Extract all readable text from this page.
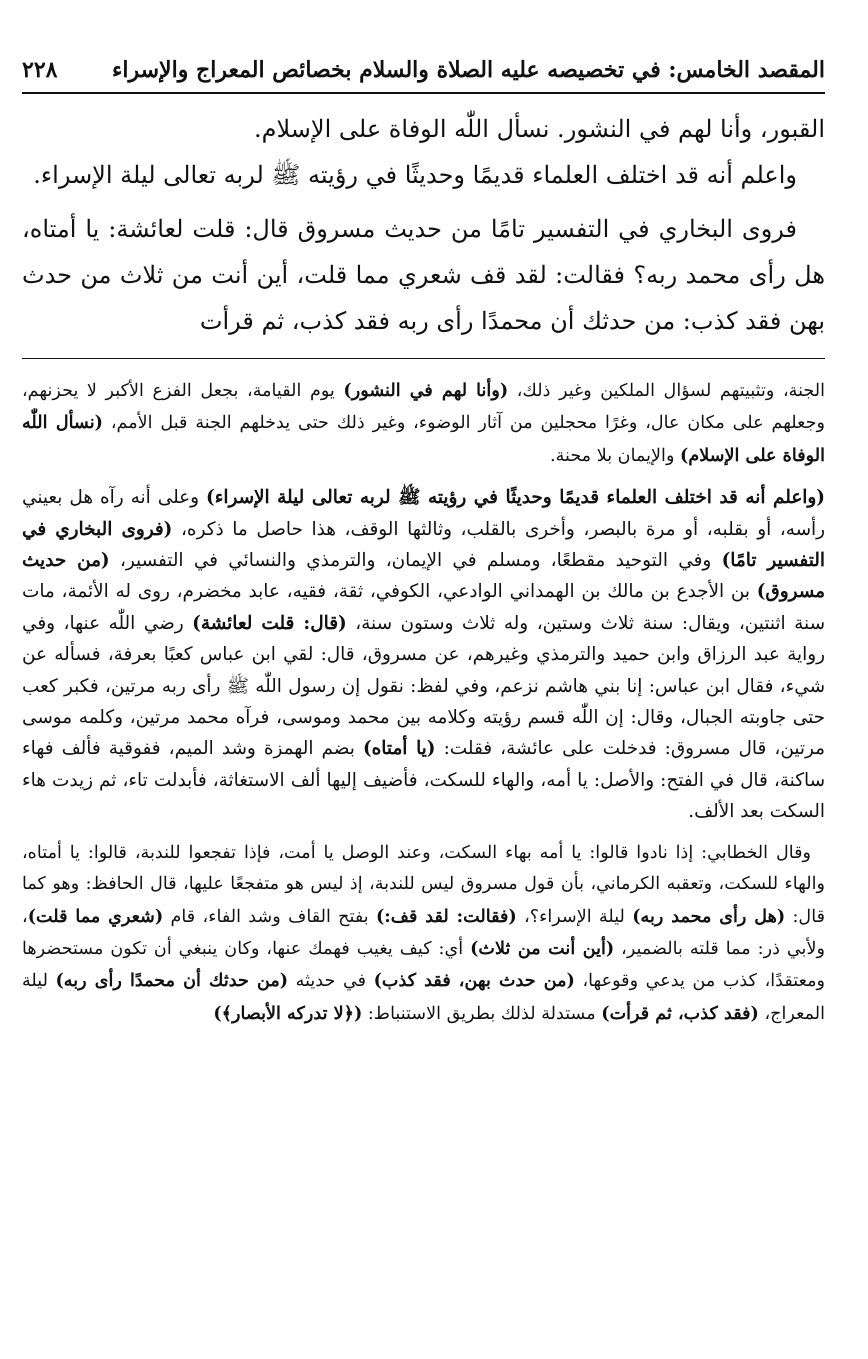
المقصد الخامس: في تخصيصه عليه الصلاة والسلام بخصائص المعراج والإسراء
٢٢٨

القبور، وأنا لهم في النشور. نسأل اللّٰه الوفاة على الإسلام.

واعلم أنه قد اختلف العلماء قديمًا وحديثًا في رؤيته ﷺ لربه تعالى ليلة الإسراء.

فروى البخاري في التفسير تامًا من حديث مسروق قال: قلت لعائشة: يا أمتاه، هل رأى محمد ربه؟ فقالت: لقد قف شعري مما قلت، أين أنت من ثلاث من حدث بهن فقد كذب: من حدثك أن محمدًا رأى ربه فقد كذب، ثم قرأت

الجنة، وتثبيتهم لسؤال الملكين وغير ذلك، (وأنا لهم في النشور) يوم القيامة، بجعل الفزع الأكبر لا يحزنهم، وجعلهم على مكان عال، وغرًا محجلين من آثار الوضوء، وغير ذلك حتى يدخلهم الجنة قبل الأمم، (نسأل اللّٰه الوفاة على الإسلام) والإيمان بلا محنة.

(واعلم أنه قد اختلف العلماء قديمًا وحديثًا في رؤيته ﷺ لربه تعالى ليلة الإسراء) وعلى أنه رآه هل بعيني رأسه، أو بقلبه، أو مرة بالبصر، وأخرى بالقلب، وثالثها الوقف، هذا حاصل ما ذكره، (فروى البخاري في التفسير تامًا) وفي التوحيد مقطعًا، ومسلم في الإيمان، والترمذي والنسائي في التفسير، (من حديث مسروق) بن الأجدع بن مالك بن الهمداني الوادعي، الكوفي، ثقة، فقيه، عابد مخضرم، روى له الأئمة، مات سنة اثنتين، ويقال: سنة ثلاث وستين، وله ثلاث وستون سنة، (قال: قلت لعائشة) رضي اللّٰه عنها، وفي رواية عبد الرزاق وابن حميد والترمذي وغيرهم، عن مسروق، قال: لقي ابن عباس كعبًا بعرفة، فسأله عن شيء، فقال ابن عباس: إنا بني هاشم نزعم، وفي لفظ: نقول إن رسول اللّٰه ﷺ رأى ربه مرتين، فكبر كعب حتى جاوبته الجبال، وقال: إن اللّٰه قسم رؤيته وكلامه بين محمد وموسى، فرآه محمد مرتين، وكلمه موسى مرتين، قال مسروق: فدخلت على عائشة، فقلت: (يا أمتاه) بضم الهمزة وشد الميم، ففوقية فألف فهاء ساكنة، قال في الفتح: والأصل: يا أمه، والهاء للسكت، فأضيف إليها ألف الاستغاثة، فأبدلت تاء، ثم زيدت هاء السكت بعد الألف.

وقال الخطابي: إذا نادوا قالوا: يا أمه بهاء السكت، وعند الوصل يا أمت، فإذا تفجعوا للندبة، قالوا: يا أمتاه، والهاء للسكت، وتعقبه الكرماني، بأن قول مسروق ليس للندبة، إذ ليس هو متفجعًا عليها، قال الحافظ: وهو كما قال: (هل رأى محمد ربه) ليلة الإسراء؟، (فقالت: لقد قف:) بفتح القاف وشد الفاء، قام (شعري مما قلت)، ولأبي ذر: مما قلته بالضمير، (أين أنت من ثلاث) أي: كيف يغيب فهمك عنها، وكان ينبغي أن تكون مستحضرها ومعتقدًا، كذب من يدعي وقوعها، (من حدث بهن، فقد كذب) في حديثه (من حدثك أن محمدًا رأى ربه) ليلة المعراج، (فقد كذب، ثم قرأت) مستدلة لذلك بطريق الاستنباط: (﴿لا تدركه الأبصار﴾)
